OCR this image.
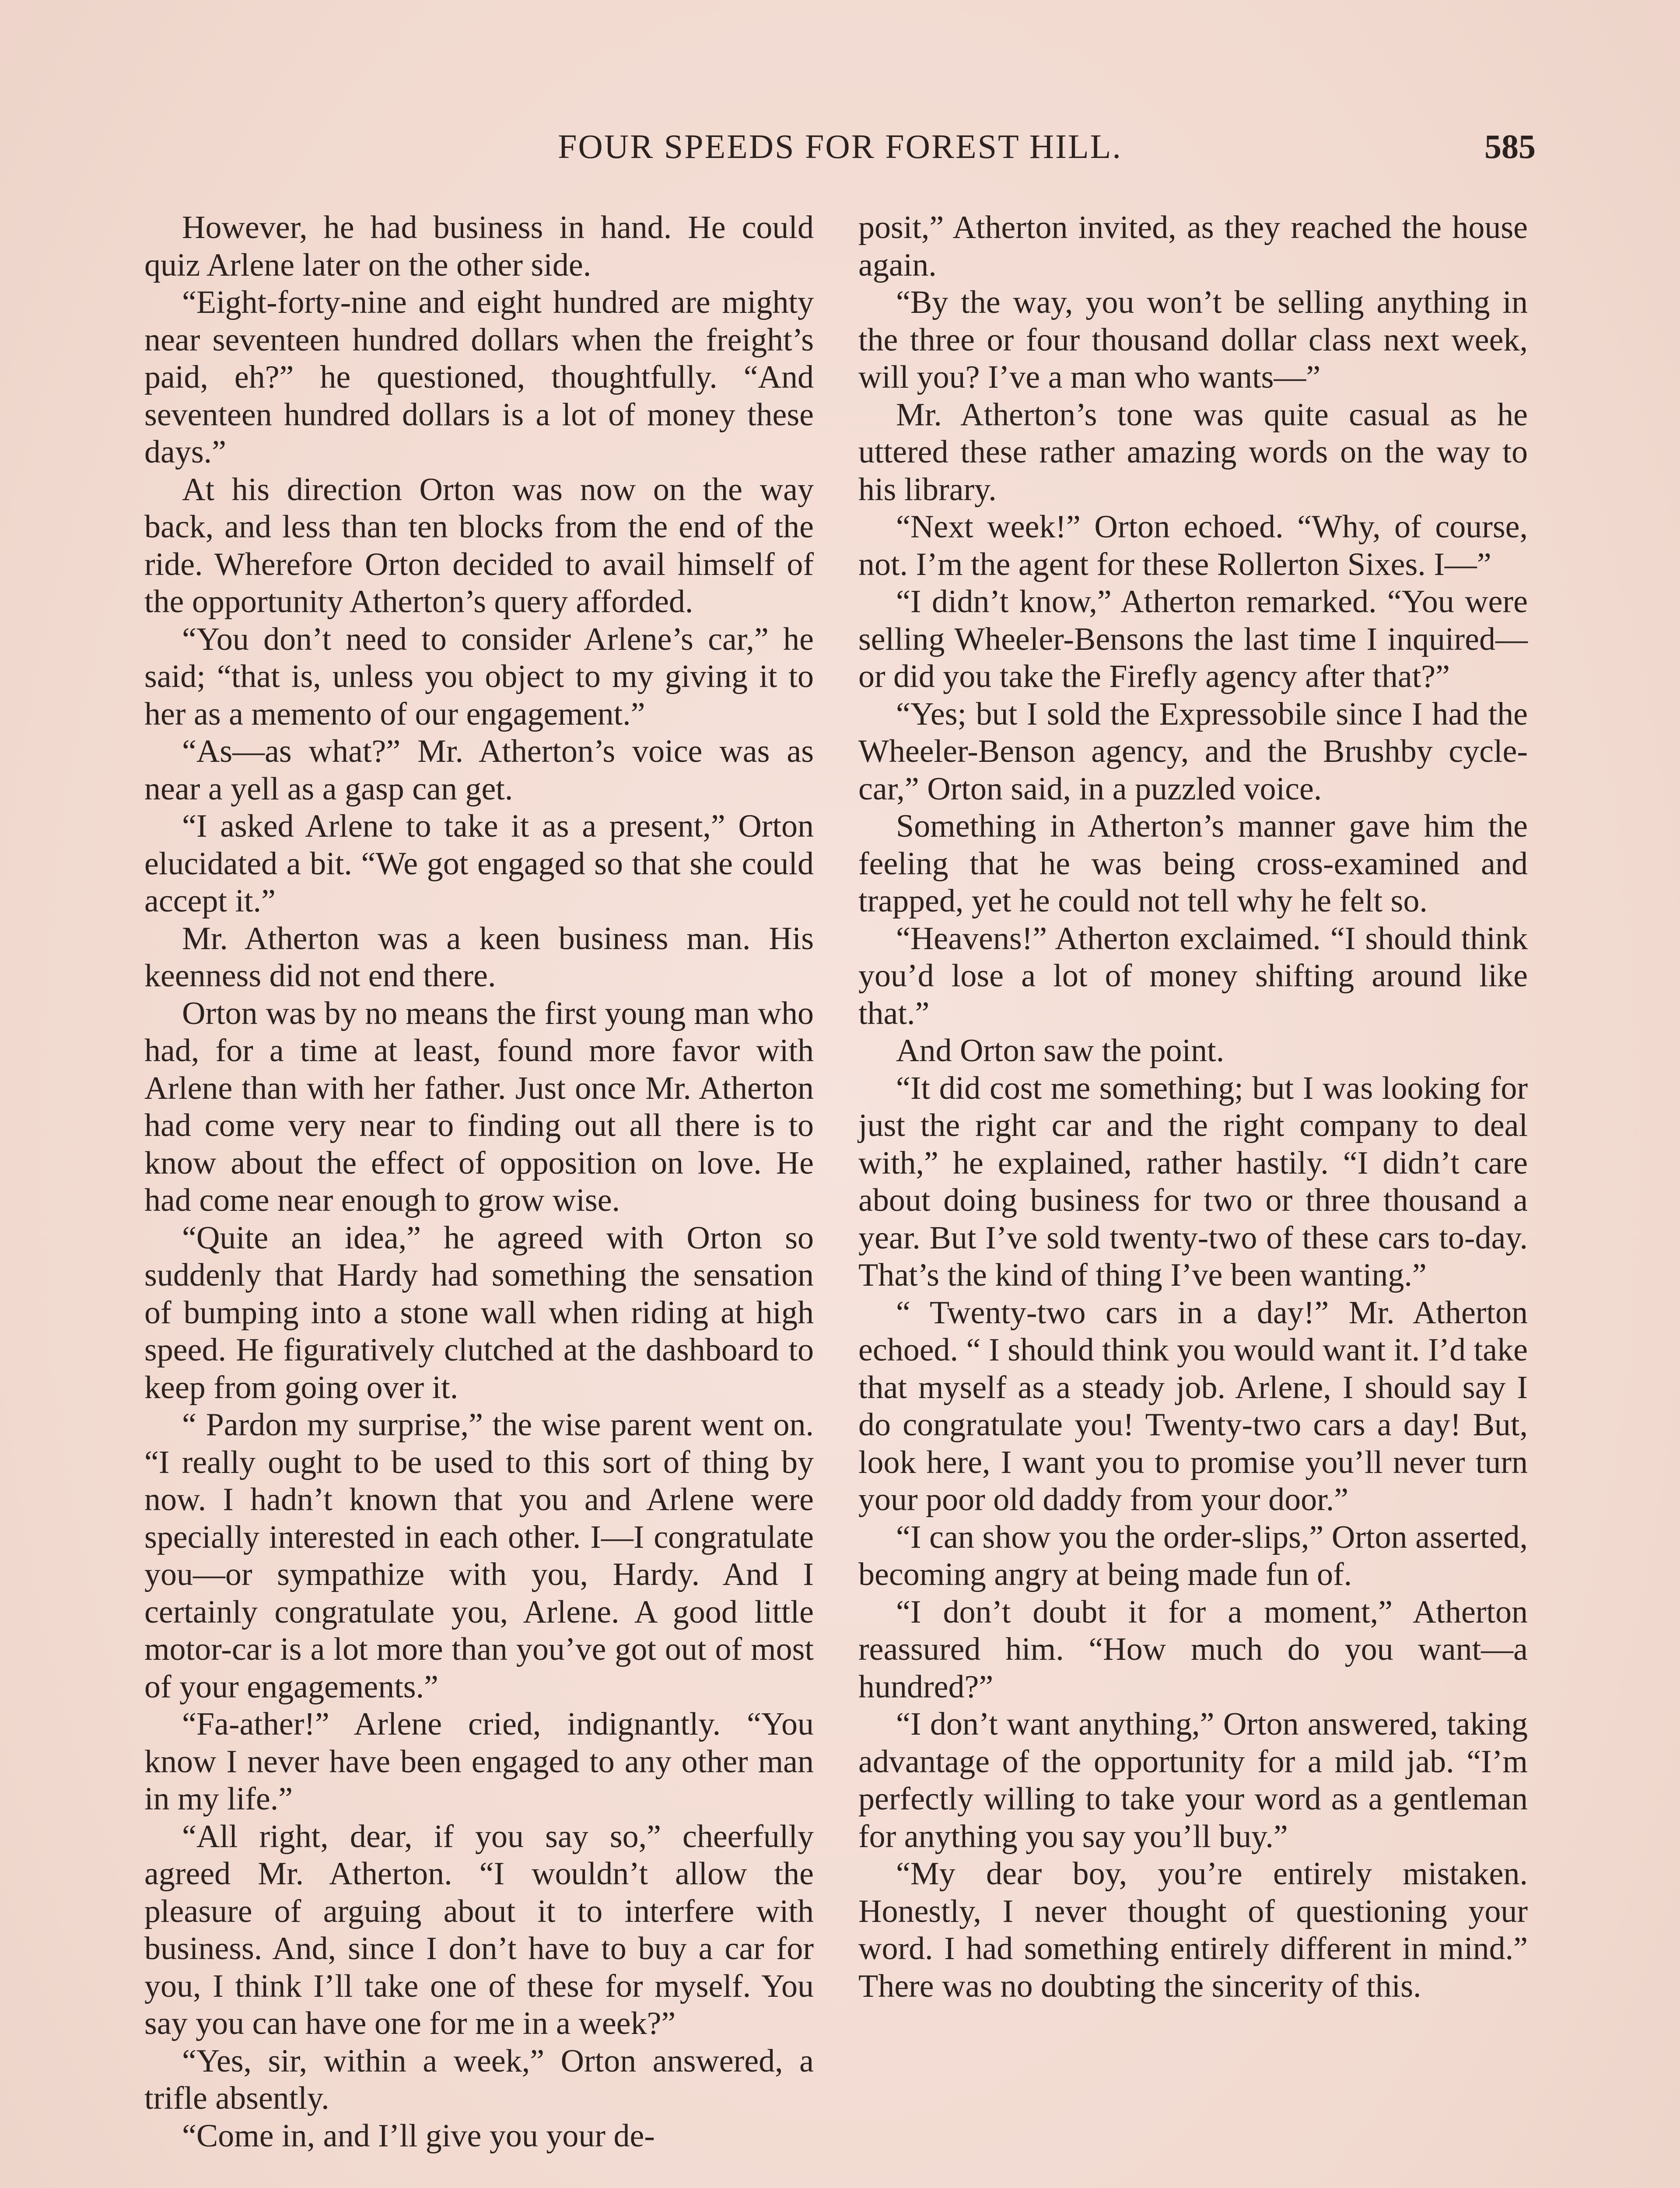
FOUR SPEEDS FOR FOREST HILL.	585

However, he had business in hand. He could quiz Arlene later on the other side.

“Eight-forty-nine and eight hundred are mighty near seventeen hundred dollars when the freight’s paid, eh?” he questioned, thoughtfully. “And seventeen hundred dollars is a lot of money these days.”

At his direction Orton was now on the way back, and less than ten blocks from the end of the ride. Wherefore Orton decided to avail himself of the opportunity Atherton’s query afforded.

“You don’t need to consider Arlene’s car,” he said; “that is, unless you object to my giving it to her as a memento of our engagement.”

“As—as what?” Mr. Atherton’s voice was as near a yell as a gasp can get.

“I asked Arlene to take it as a present,” Orton elucidated a bit. “We got engaged so that she could accept it.”

Mr. Atherton was a keen business man. His keenness did not end there.

Orton was by no means the first young man who had, for a time at least, found more favor with Arlene than with her father. Just once Mr. Atherton had come very near to finding out all there is to know about the effect of opposition on love. He had come near enough to grow wise.

“Quite an idea,” he agreed with Orton so suddenly that Hardy had something the sensation of bumping into a stone wall when riding at high speed. He figuratively clutched at the dashboard to keep from going over it.

“ Pardon my surprise,” the wise parent went on. “I really ought to be used to this sort of thing by now. I hadn’t known that you and Arlene were specially interested in each other. I—I congratulate you—or sympathize with you, Hardy. And I certainly congratulate you, Arlene. A good little motor-car is a lot more than you’ve got out of most of your engagements.”

“Fa-ather!” Arlene cried, indignantly. “You know I never have been engaged to any other man in my life.”

“All right, dear, if you say so,” cheerfully agreed Mr. Atherton. “I wouldn’t allow the pleasure of arguing about it to interfere with business. And, since I don’t have to buy a car for you, I think I’ll take one of these for myself. You say you can have one for me in a week?”

“Yes, sir, within a week,” Orton answered, a trifle absently.

“Come in, and I’ll give you your de-

posit,” Atherton invited, as they reached the house again.

“By the way, you won’t be selling anything in the three or four thousand dollar class next week, will you? I’ve a man who wants—”

Mr. Atherton’s tone was quite casual as he uttered these rather amazing words on the way to his library.

“Next week!” Orton echoed. “Why, of course, not. I’m the agent for these Rollerton Sixes. I—”

“I didn’t know,” Atherton remarked. “You were selling Wheeler-Bensons the last time I inquired—or did you take the Firefly agency after that?”

“Yes; but I sold the Expressobile since I had the Wheeler-Benson agency, and the Brushby cycle-car,” Orton said, in a puzzled voice.

Something in Atherton’s manner gave him the feeling that he was being cross-examined and trapped, yet he could not tell why he felt so.

“Heavens!” Atherton exclaimed. “I should think you’d lose a lot of money shifting around like that.”

And Orton saw the point.

“It did cost me something; but I was looking for just the right car and the right company to deal with,” he explained, rather hastily. “I didn’t care about doing business for two or three thousand a year. But I’ve sold twenty-two of these cars to-day. That’s the kind of thing I’ve been wanting.”

“ Twenty-two cars in a day!” Mr. Atherton echoed. “ I should think you would want it. I’d take that myself as a steady job. Arlene, I should say I do congratulate you! Twenty-two cars a day! But, look here, I want you to promise you’ll never turn your poor old daddy from your door.”

“I can show you the order-slips,” Orton asserted, becoming angry at being made fun of.

“I don’t doubt it for a moment,” Atherton reassured him. “How much do you want—a hundred?”

“I don’t want anything,” Orton answered, taking advantage of the opportunity for a mild jab. “I’m perfectly willing to take your word as a gentleman for anything you say you’ll buy.”

“My dear boy, you’re entirely mistaken. Honestly, I never thought of questioning your word. I had something entirely different in mind.” There was no doubting the sincerity of this.
